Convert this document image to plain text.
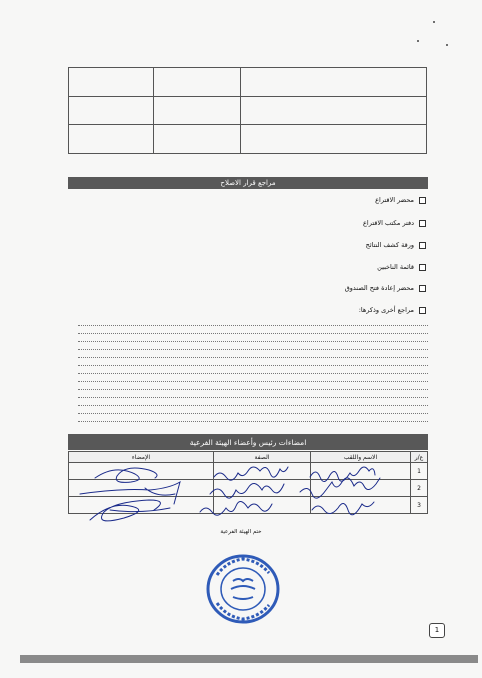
مراجع قرار الاصلاح
محضر الاقتراع
دفتر مكتب الاقتراع
ورقة كشف النتائج
قائمة الناخبين
محضر إعادة فتح الصندوق
مراجع أخرى وذكرها:
امضاءات رئيس وأعضاء الهيئة الفرعية
ع/ر	الاسم واللقب	الصفة	الإمضاء
1			
2			
3			
ختم الهيئة الفرعية
1
